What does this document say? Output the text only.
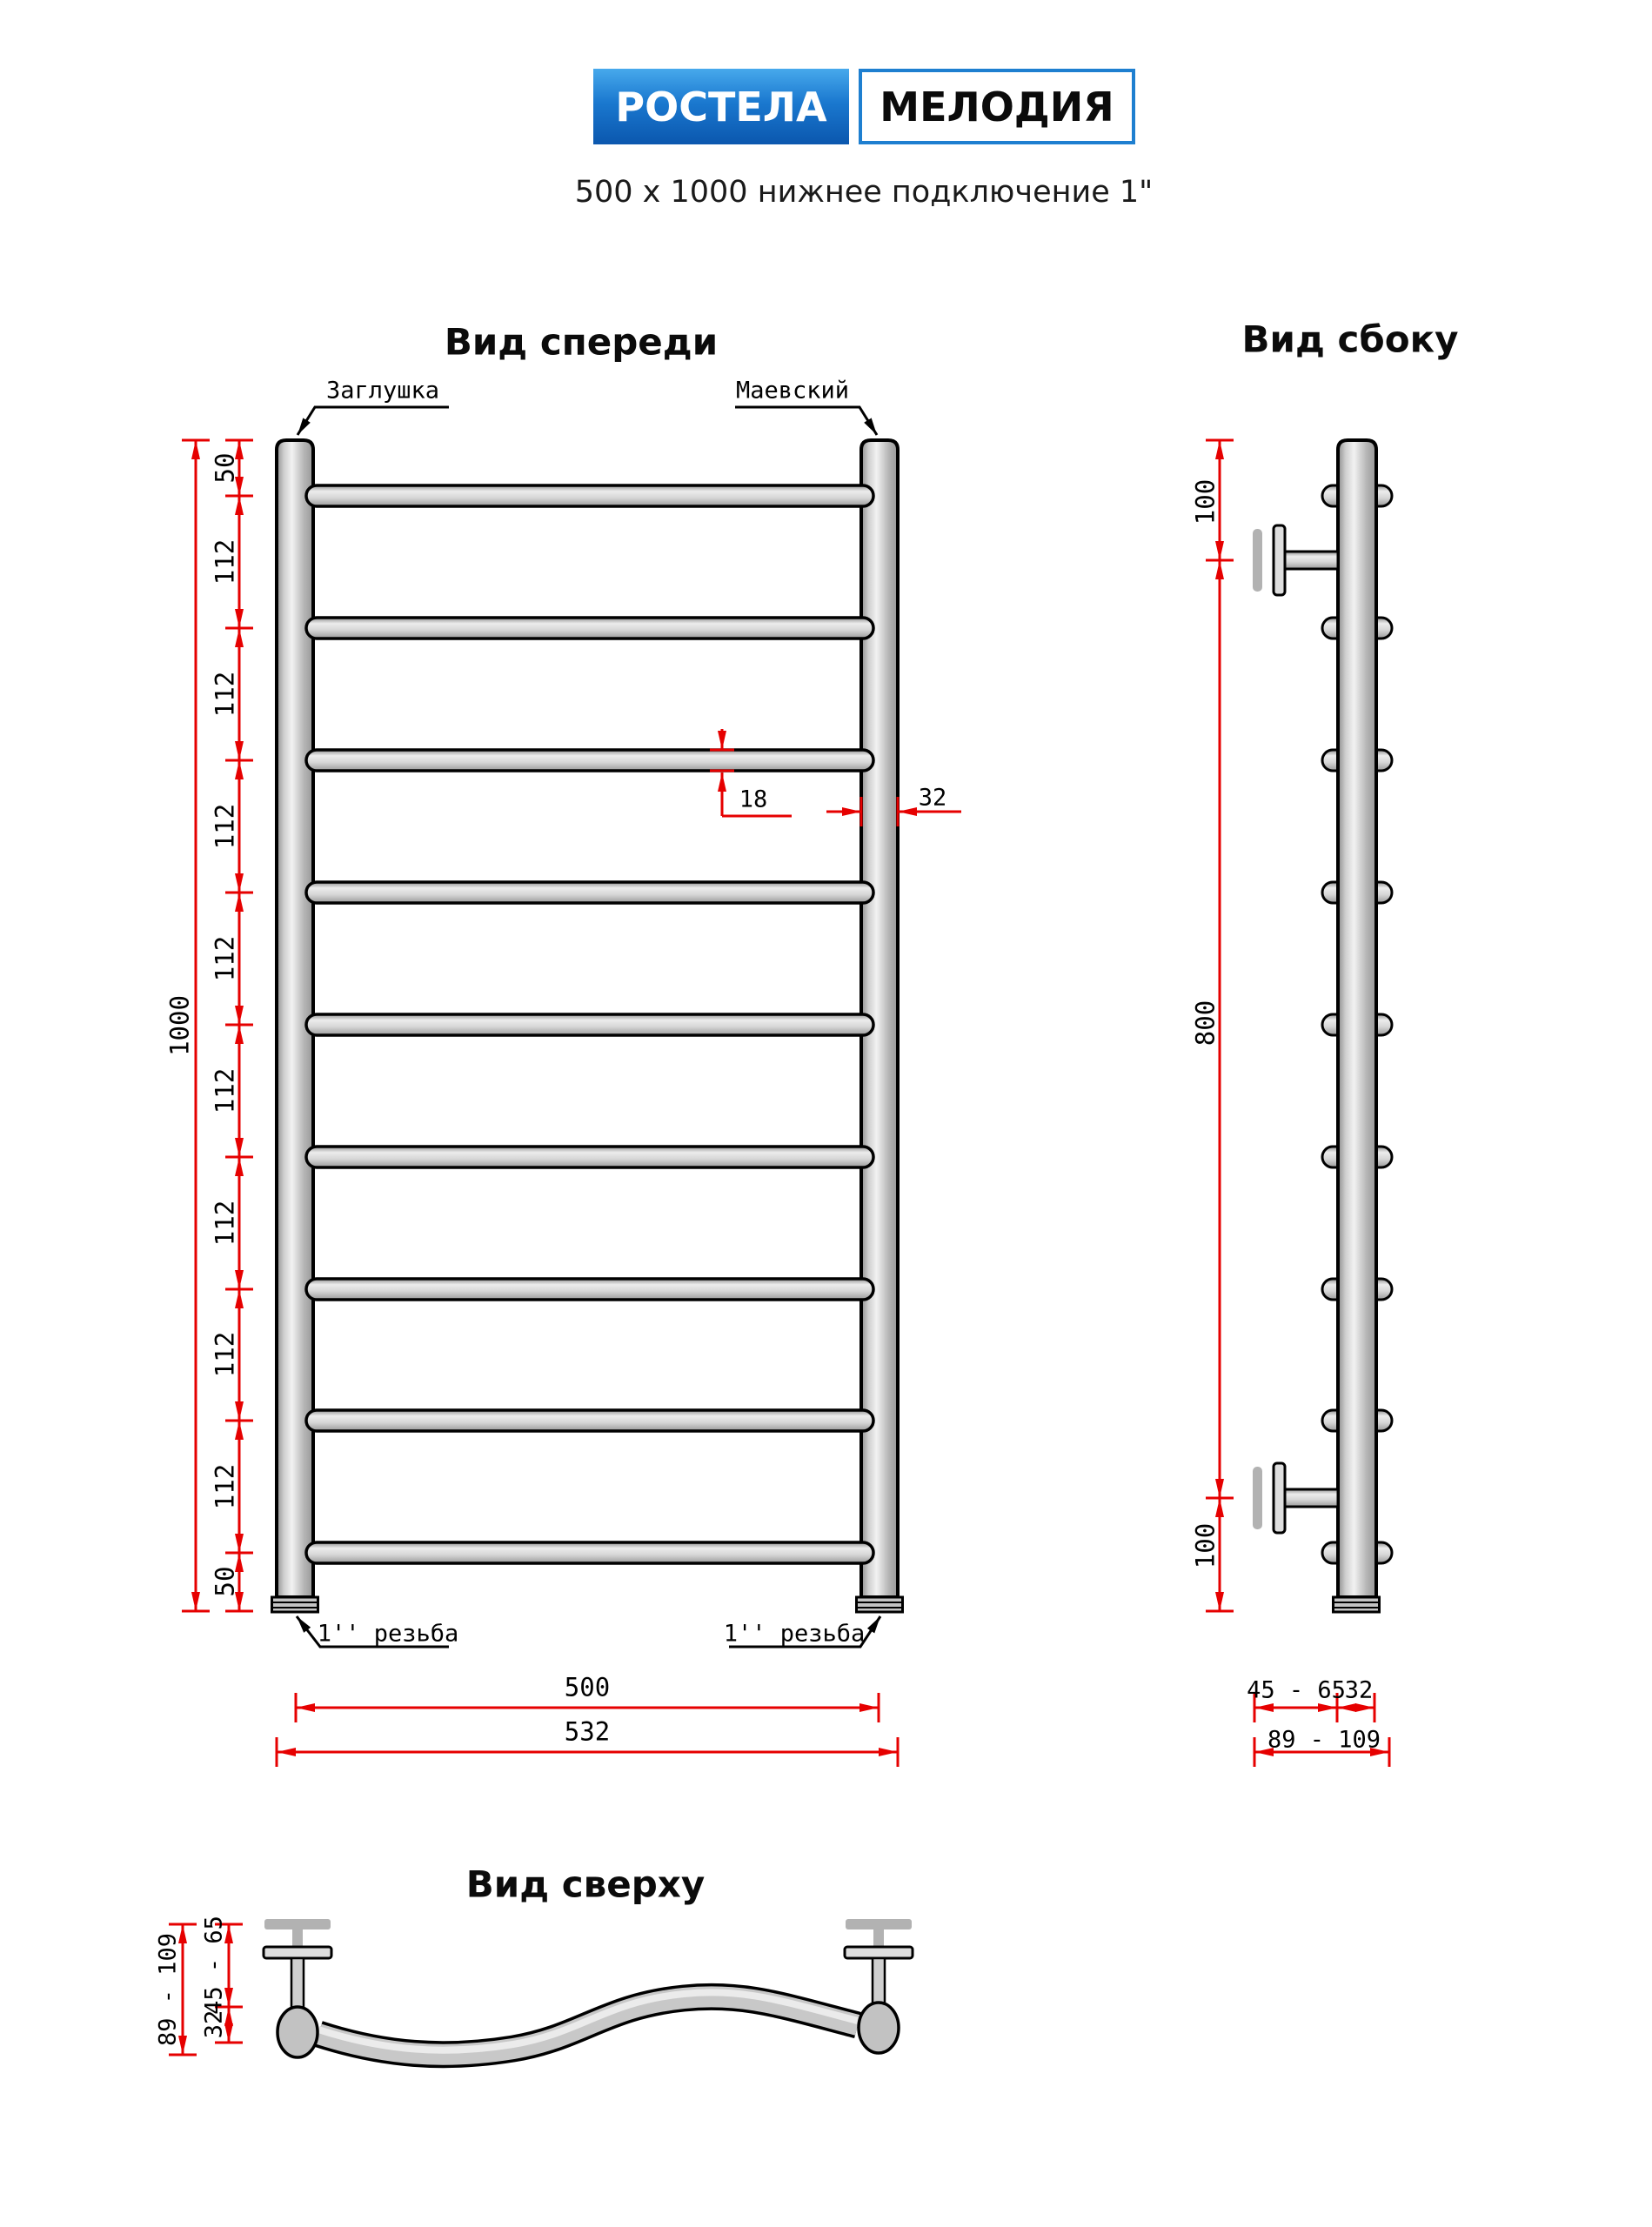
РОСТЕЛА	МЕЛОДИЯ
500 x 1000 нижнее подключение 1"
Вид спереди	Вид сбоку
Вид сверху
Заглушка	Маевский
1'' резьба	1'' резьба
1000
50
112
112
112
112
112
112
112
112
50
18	32
500
532
100
800
100
45 - 65
32
89 - 109
89 - 109 45 - 65
32
